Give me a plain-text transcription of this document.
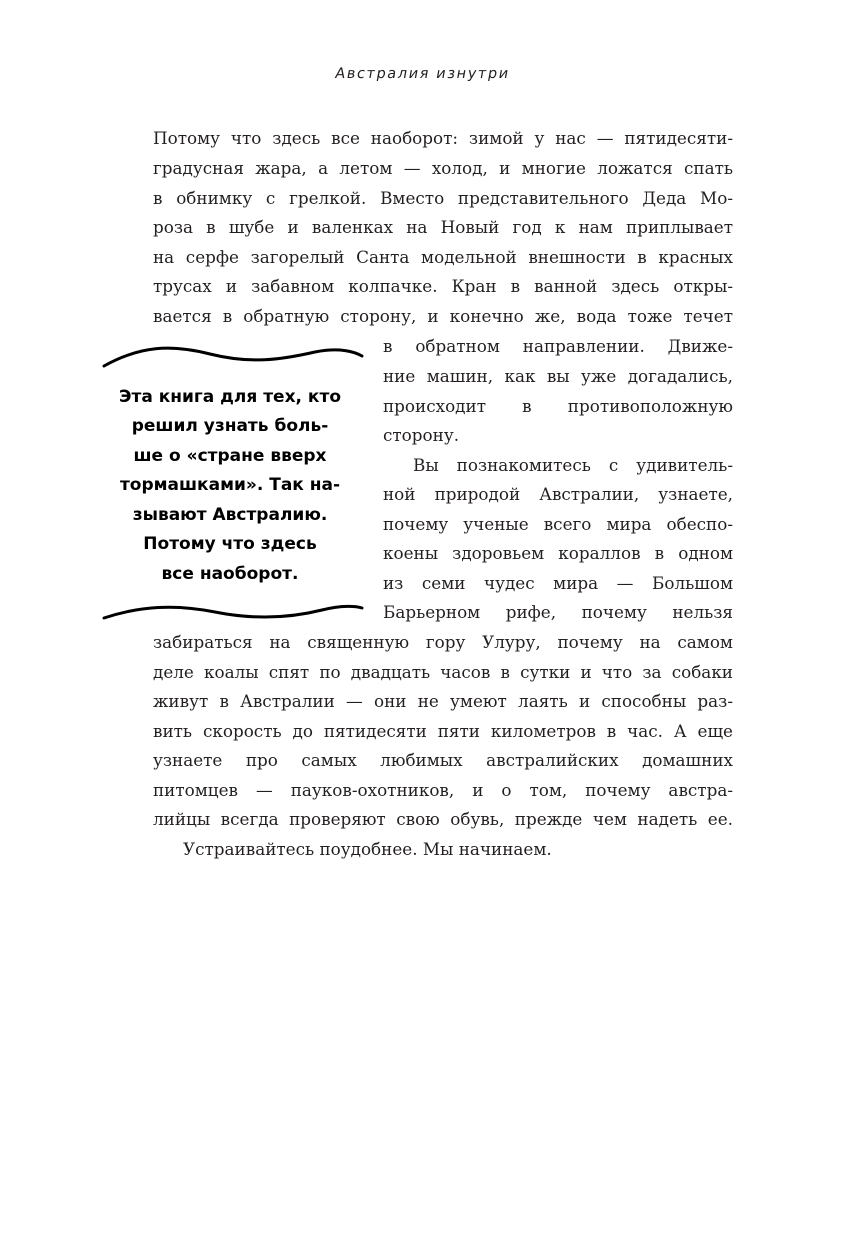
Австралия изнутри
Потому что здесь все наоборот: зимой у нас — пятидесяти-
градусная жара, а летом — холод, и многие ложатся спать
в обнимку с грелкой. Вместо представительного Деда Мо-
роза в шубе и валенках на Новый год к нам приплывает
на серфе загорелый Санта модельной внешности в красных
трусах и забавном колпачке. Кран в ванной здесь откры-
вается в обратную сторону, и конечно же, вода тоже течет
в обратном направлении. Движе-
ние машин, как вы уже догадались,
происходит в противоположную
сторону.
Вы познакомитесь с удивитель-
ной природой Австралии, узнаете,
почему ученые всего мира обеспо-
коены здоровьем кораллов в одном
из семи чудес мира — Большом
Барьерном рифе, почему нельзя
забираться на священную гору Улуру, почему на самом
деле коалы спят по двадцать часов в сутки и что за собаки
живут в Австралии — они не умеют лаять и способны раз-
вить скорость до пятидесяти пяти километров в час. А еще
узнаете про самых любимых австралийских домашних
питомцев — пауков-охотников, и о том, почему австра-
лийцы всегда проверяют свою обувь, прежде чем надеть ее.
Устраивайтесь поудобнее. Мы начинаем.
Эта книга для тех, кто
решил узнать боль-
ше о «стране вверх
тормашками». Так на-
зывают Австралию.
Потому что здесь
все наоборот.
